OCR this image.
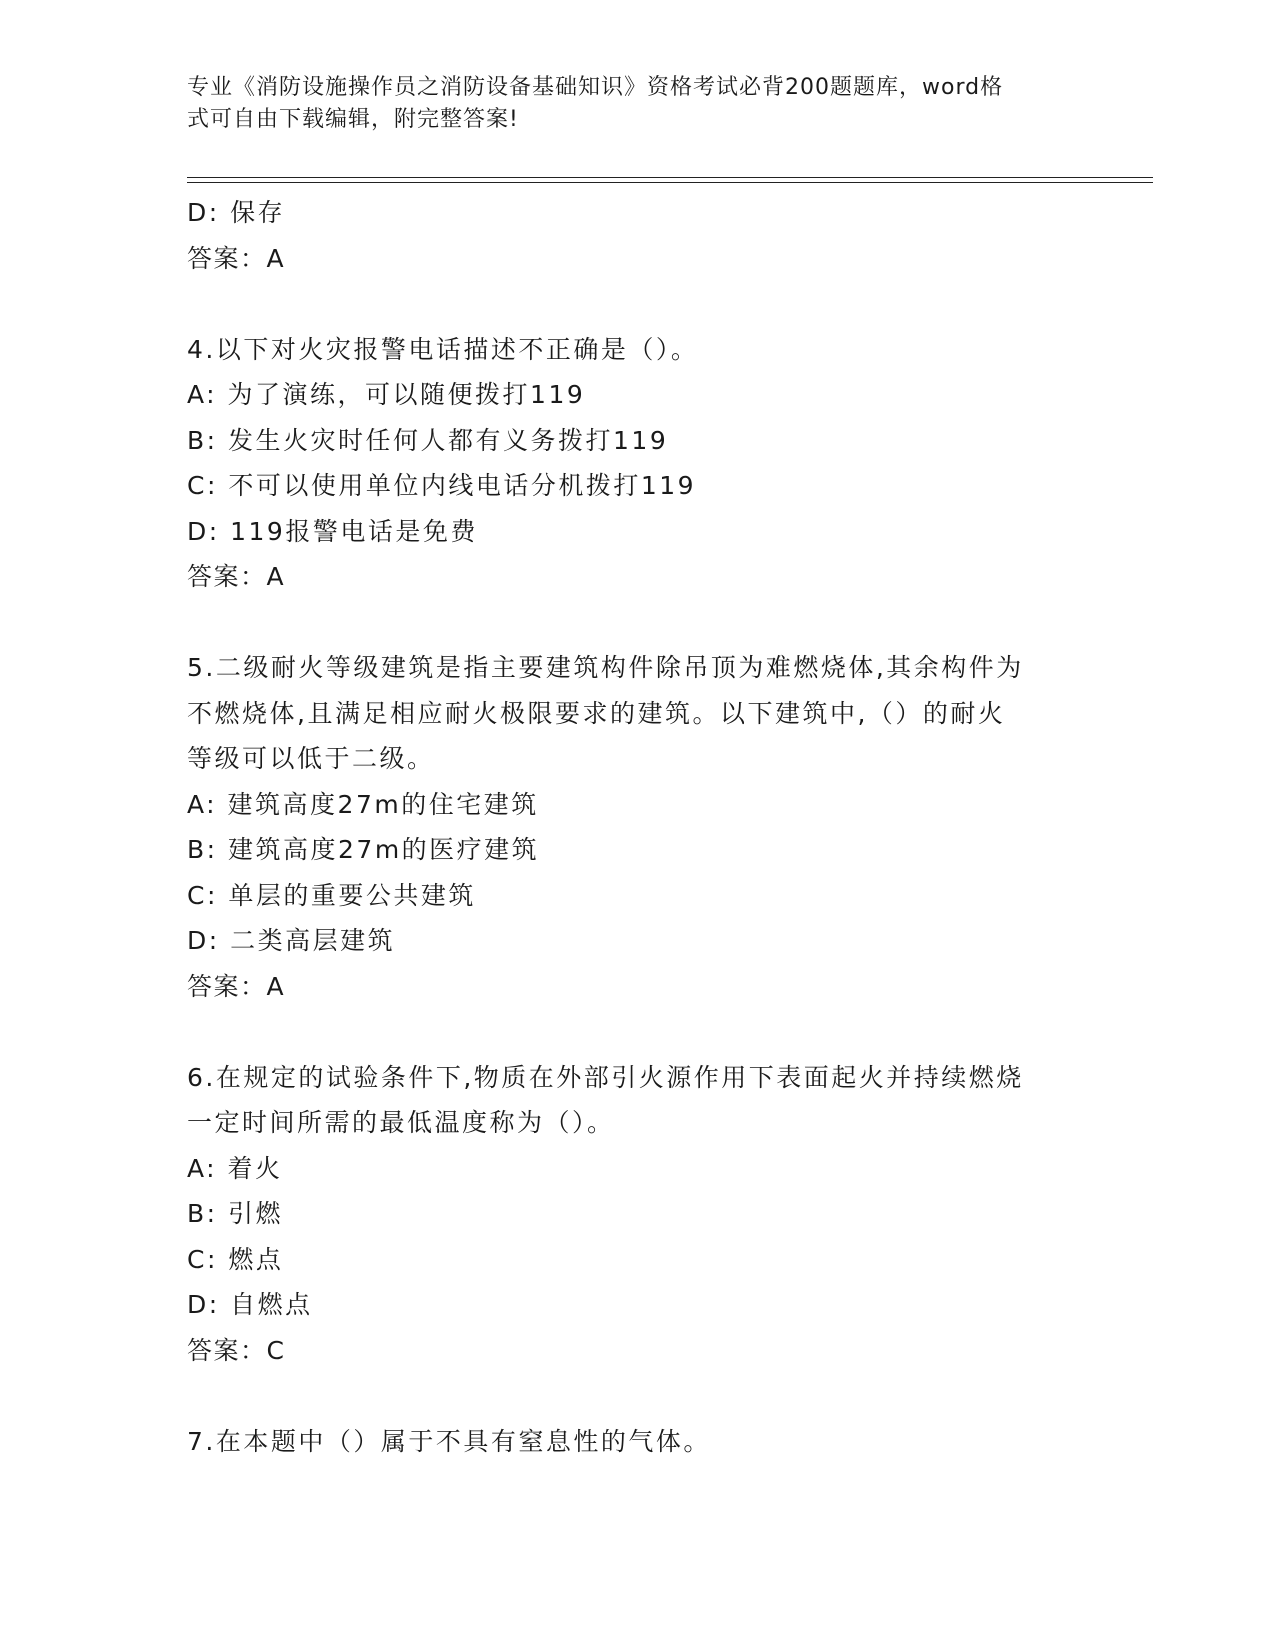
专业《消防设施操作员之消防设备基础知识》资格考试必背200题题库，word格
式可自由下载编辑，附完整答案!
D: 保存
答案：A
4.以下对火灾报警电话描述不正确是（）。
A: 为了演练，可以随便拨打119
B: 发生火灾时任何人都有义务拨打119
C: 不可以使用单位内线电话分机拨打119
D: 119报警电话是免费
答案：A
5.二级耐火等级建筑是指主要建筑构件除吊顶为难燃烧体,其余构件为
不燃烧体,且满足相应耐火极限要求的建筑。以下建筑中,（）的耐火
等级可以低于二级。
A: 建筑高度27m的住宅建筑
B: 建筑高度27m的医疗建筑
C: 单层的重要公共建筑
D: 二类高层建筑
答案：A
6.在规定的试验条件下,物质在外部引火源作用下表面起火并持续燃烧
一定时间所需的最低温度称为（）。
A: 着火
B: 引燃
C: 燃点
D: 自燃点
答案：C
7.在本题中（）属于不具有窒息性的气体。
